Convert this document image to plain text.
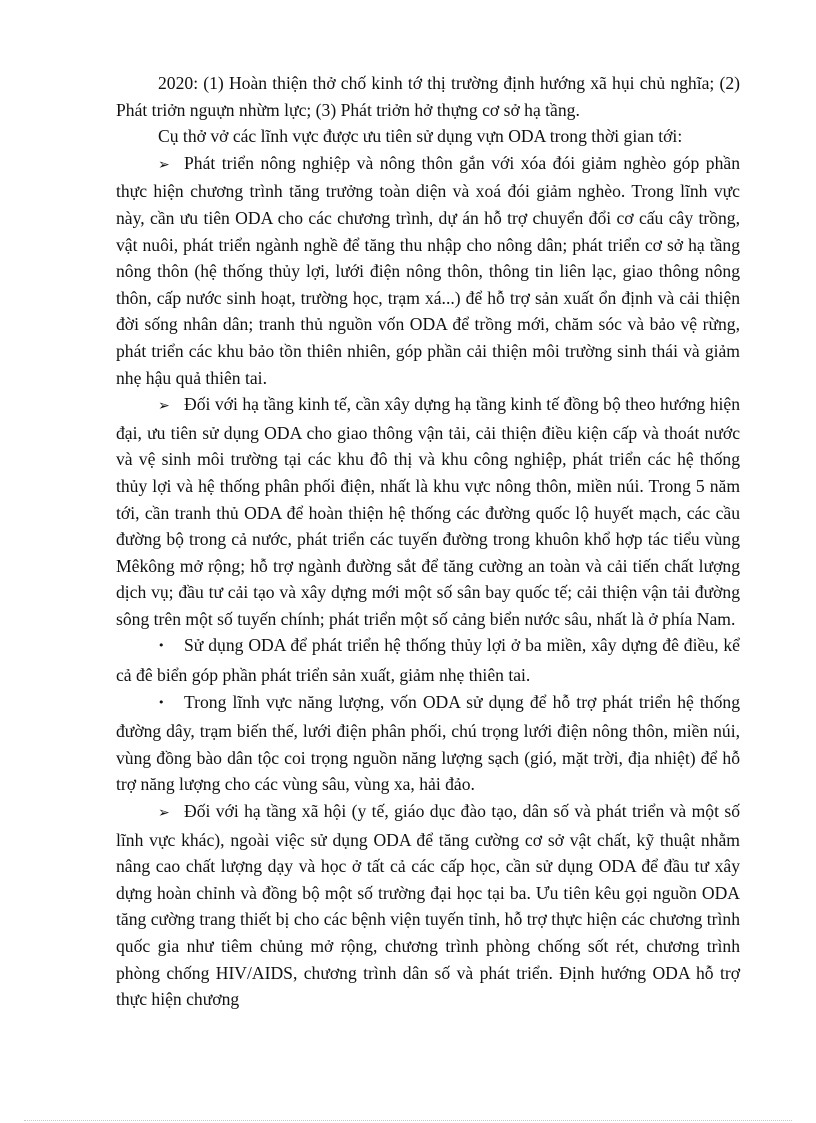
2020: (1) Hoàn thiện thở chố kinh tớ thị trường định hướng xã hụi chủ nghĩa; (2) Phát triởn nguựn nhừm lực; (3) Phát triởn hở thựng cơ sở hạ tầng.

Cụ thở vở các lĩnh vực được ưu tiên sử dụng vựn ODA trong thời gian tới:

➢ Phát triển nông nghiệp và nông thôn gắn với xóa đói giảm nghèo góp phần thực hiện chương trình tăng trưởng toàn diện và xoá đói giảm nghèo. Trong lĩnh vực này, cần ưu tiên ODA cho các chương trình, dự án hỗ trợ chuyển đổi cơ cấu cây trồng, vật nuôi, phát triển ngành nghề để tăng thu nhập cho nông dân; phát triển cơ sở hạ tầng nông thôn (hệ thống thủy lợi, lưới điện nông thôn, thông tin liên lạc, giao thông nông thôn, cấp nước sinh hoạt, trường học, trạm xá...) để hỗ trợ sản xuất ổn định và cải thiện đời sống nhân dân; tranh thủ nguồn vốn ODA để trồng mới, chăm sóc và bảo vệ rừng, phát triển các khu bảo tồn thiên nhiên, góp phần cải thiện môi trường sinh thái và giảm nhẹ hậu quả thiên tai.

➢ Đối với hạ tầng kinh tế, cần xây dựng hạ tầng kinh tế đồng bộ theo hướng hiện đại, ưu tiên sử dụng ODA cho giao thông vận tải, cải thiện điều kiện cấp và thoát nước và vệ sinh môi trường tại các khu đô thị và khu công nghiệp, phát triển các hệ thống thủy lợi và hệ thống phân phối điện, nhất là khu vực nông thôn, miền núi. Trong 5 năm tới, cần tranh thủ ODA để hoàn thiện hệ thống các đường quốc lộ huyết mạch, các cầu đường bộ trong cả nước, phát triển các tuyến đường trong khuôn khổ hợp tác tiểu vùng Mêkông mở rộng; hỗ trợ ngành đường sắt để tăng cường an toàn và cải tiến chất lượng dịch vụ; đầu tư cải tạo và xây dựng mới một số sân bay quốc tế; cải thiện vận tải đường sông trên một số tuyến chính; phát triển một số cảng biển nước sâu, nhất là ở phía Nam.

• Sử dụng ODA để phát triển hệ thống thủy lợi ở ba miền, xây dựng đê điều, kể cả đê biển góp phần phát triển sản xuất, giảm nhẹ thiên tai.

• Trong lĩnh vực năng lượng, vốn ODA sử dụng để hỗ trợ phát triển hệ thống đường dây, trạm biến thế, lưới điện phân phối, chú trọng lưới điện nông thôn, miền núi, vùng đồng bào dân tộc coi trọng nguồn năng lượng sạch (gió, mặt trời, địa nhiệt) để hỗ trợ năng lượng cho các vùng sâu, vùng xa, hải đảo.

➢ Đối với hạ tầng xã hội (y tế, giáo dục đào tạo, dân số và phát triển và một số lĩnh vực khác), ngoài việc sử dụng ODA để tăng cường cơ sở vật chất, kỹ thuật nhằm nâng cao chất lượng dạy và học ở tất cả các cấp học, cần sử dụng ODA để đầu tư xây dựng hoàn chỉnh và đồng bộ một số trường đại học tại ba. Ưu tiên kêu gọi nguồn ODA tăng cường trang thiết bị cho các bệnh viện tuyến tỉnh, hỗ trợ thực hiện các chương trình quốc gia như tiêm chủng mở rộng, chương trình phòng chống sốt rét, chương trình phòng chống HIV/AIDS, chương trình dân số và phát triển. Định hướng ODA hỗ trợ thực hiện chương
